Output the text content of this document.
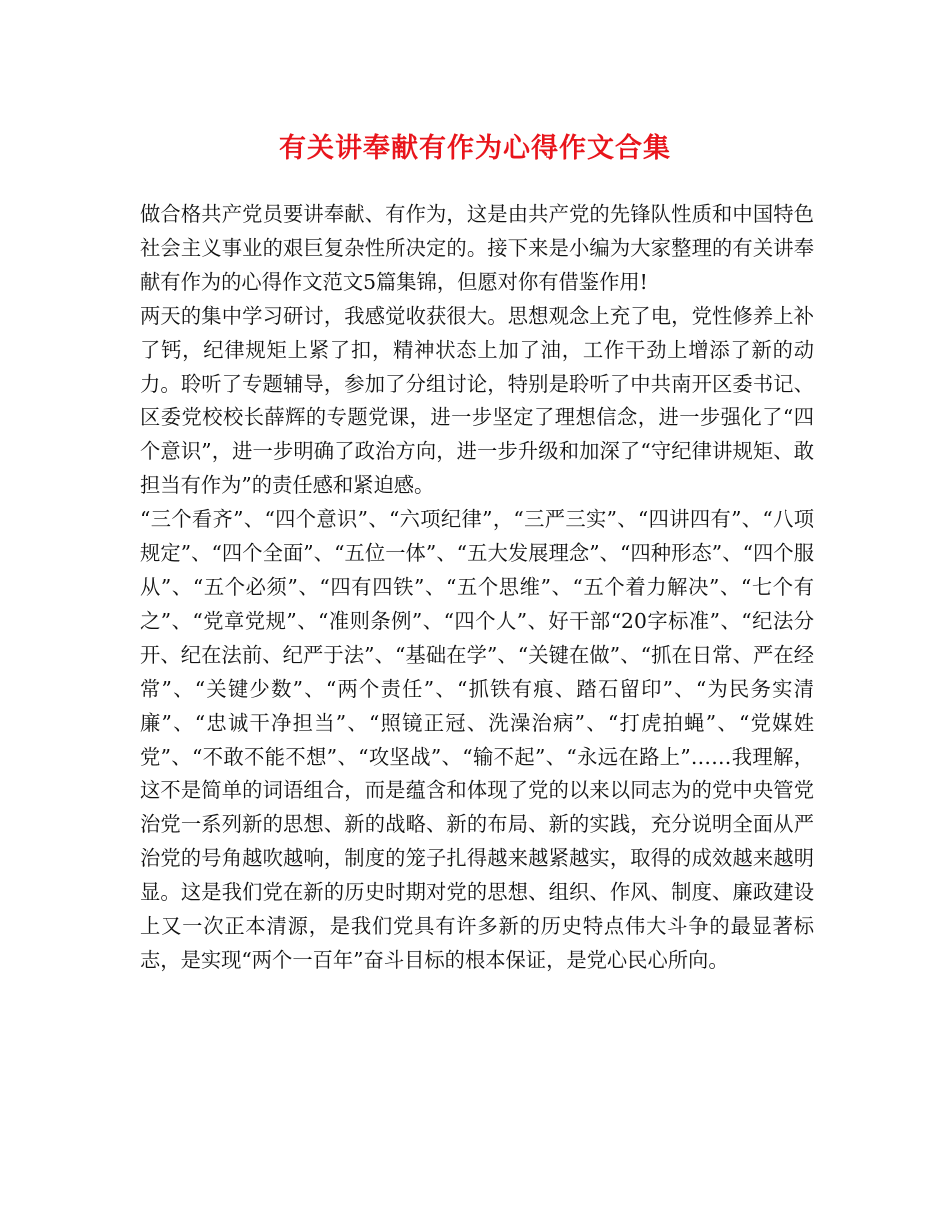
有关讲奉献有作为心得作文合集

做合格共产党员要讲奉献、有作为，这是由共产党的先锋队性质和中国特色社会主义事业的艰巨复杂性所决定的。接下来是小编为大家整理的有关讲奉献有作为的心得作文范文5篇集锦，但愿对你有借鉴作用!

两天的集中学习研讨，我感觉收获很大。思想观念上充了电，党性修养上补了钙，纪律规矩上紧了扣，精神状态上加了油，工作干劲上增添了新的动力。聆听了专题辅导，参加了分组讨论，特别是聆听了中共南开区委书记、区委党校校长薛辉的专题党课，进一步坚定了理想信念，进一步强化了“四个意识”，进一步明确了政治方向，进一步升级和加深了“守纪律讲规矩、敢担当有作为”的责任感和紧迫感。

“三个看齐”、“四个意识”、“六项纪律”，“三严三实”、“四讲四有”、“八项规定”、“四个全面”、“五位一体”、“五大发展理念”、“四种形态”、“四个服从”、“五个必须”、“四有四铁”、“五个思维”、“五个着力解决”、“七个有之”、“党章党规”、“准则条例”、“四个人”、好干部“20字标准”、“纪法分开、纪在法前、纪严于法”、“基础在学”、“关键在做”、“抓在日常、严在经常”、“关键少数”、“两个责任”、“抓铁有痕、踏石留印”、“为民务实清廉”、“忠诚干净担当”、“照镜正冠、洗澡治病”、“打虎拍蝇”、“党媒姓党”、“不敢不能不想”、“攻坚战”、“输不起”、“永远在路上”……我理解，这不是简单的词语组合，而是蕴含和体现了党的以来以同志为的党中央管党治党一系列新的思想、新的战略、新的布局、新的实践，充分说明全面从严治党的号角越吹越响，制度的笼子扎得越来越紧越实，取得的成效越来越明显。这是我们党在新的历史时期对党的思想、组织、作风、制度、廉政建设上又一次正本清源，是我们党具有许多新的历史特点伟大斗争的最显著标志，是实现“两个一百年”奋斗目标的根本保证，是党心民心所向。
